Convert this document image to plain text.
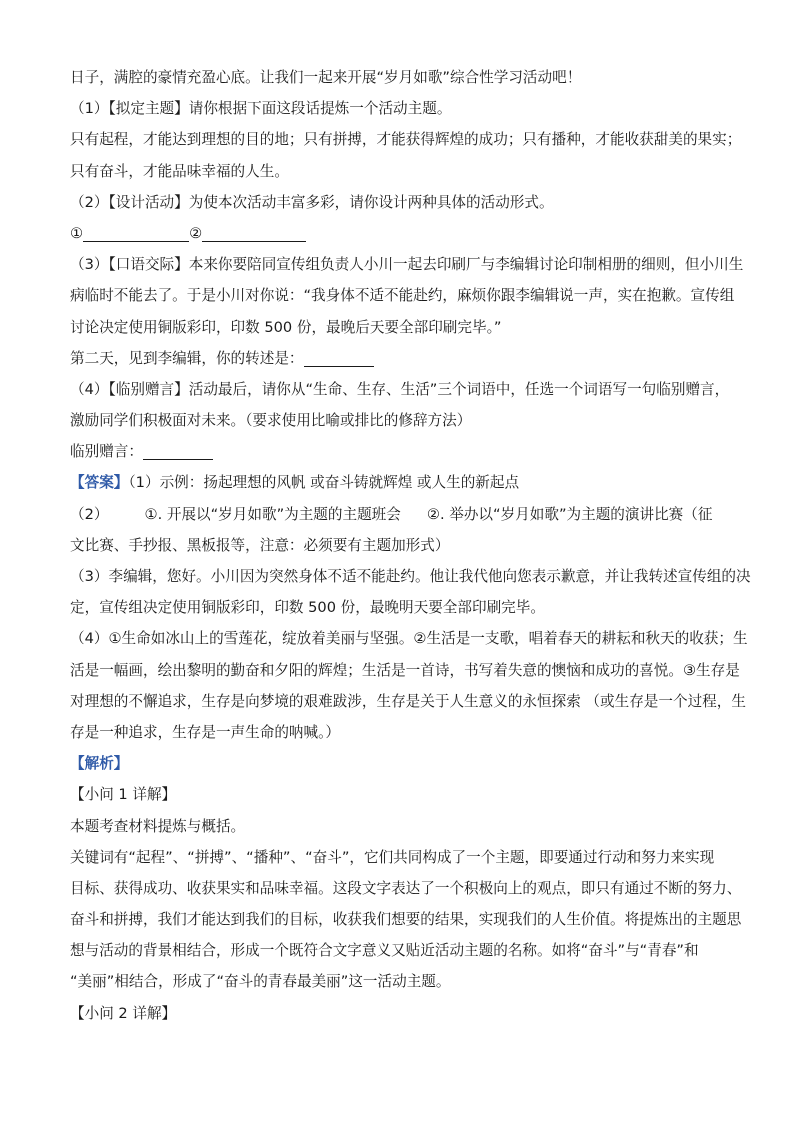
日子，满腔的豪情充盈心底。让我们一起来开展“岁月如歌”综合性学习活动吧！
（1）【拟定主题】请你根据下面这段话提炼一个活动主题。
只有起程，才能达到理想的目的地；只有拼搏，才能获得辉煌的成功；只有播种，才能收获甜美的果实；
只有奋斗，才能品味幸福的人生。
（2）【设计活动】为使本次活动丰富多彩，请你设计两种具体的活动形式。
①	②
（3）【口语交际】本来你要陪同宣传组负责人小川一起去印刷厂与李编辑讨论印制相册的细则，但小川生
病临时不能去了。于是小川对你说：“我身体不适不能赴约，麻烦你跟李编辑说一声，实在抱歉。宣传组
讨论决定使用铜版彩印，印数 500 份，最晚后天要全部印刷完毕。”
第二天，见到李编辑，你的转述是：
（4）【临别赠言】活动最后，请你从“生命、生存、生活”三个词语中，任选一个词语写一句临别赠言，
激励同学们积极面对未来。（要求使用比喻或排比的修辞方法）
临别赠言：
【答案】（1）示例：扬起理想的风帆 或奋斗铸就辉煌 或人生的新起点
（2） ①. 开展以“岁月如歌”为主题的主题班会 ②. 举办以“岁月如歌”为主题的演讲比赛（征
文比赛、手抄报、黑板报等，注意：必须要有主题加形式）
（3）李编辑，您好。小川因为突然身体不适不能赴约。他让我代他向您表示歉意，并让我转述宣传组的决
定，宣传组决定使用铜版彩印，印数 500 份，最晚明天要全部印刷完毕。
（4）①生命如冰山上的雪莲花，绽放着美丽与坚强。②生活是一支歌，唱着春天的耕耘和秋天的收获；生
活是一幅画，绘出黎明的勤奋和夕阳的辉煌；生活是一首诗，书写着失意的懊恼和成功的喜悦。③生存是
对理想的不懈追求，生存是向梦境的艰难跋涉，生存是关于人生意义的永恒探索 （或生存是一个过程，生
存是一种追求，生存是一声生命的呐喊。）
【解析】
【小问 1 详解】
本题考查材料提炼与概括。
关键词有“起程”、“拼搏”、“播种”、“奋斗”，它们共同构成了一个主题，即要通过行动和努力来实现
目标、获得成功、收获果实和品味幸福。这段文字表达了一个积极向上的观点，即只有通过不断的努力、
奋斗和拼搏，我们才能达到我们的目标，收获我们想要的结果，实现我们的人生价值。将提炼出的主题思
想与活动的背景相结合，形成一个既符合文字意义又贴近活动主题的名称。如将“奋斗”与“青春”和
“美丽”相结合，形成了“奋斗的青春最美丽”这一活动主题。
【小问 2 详解】
